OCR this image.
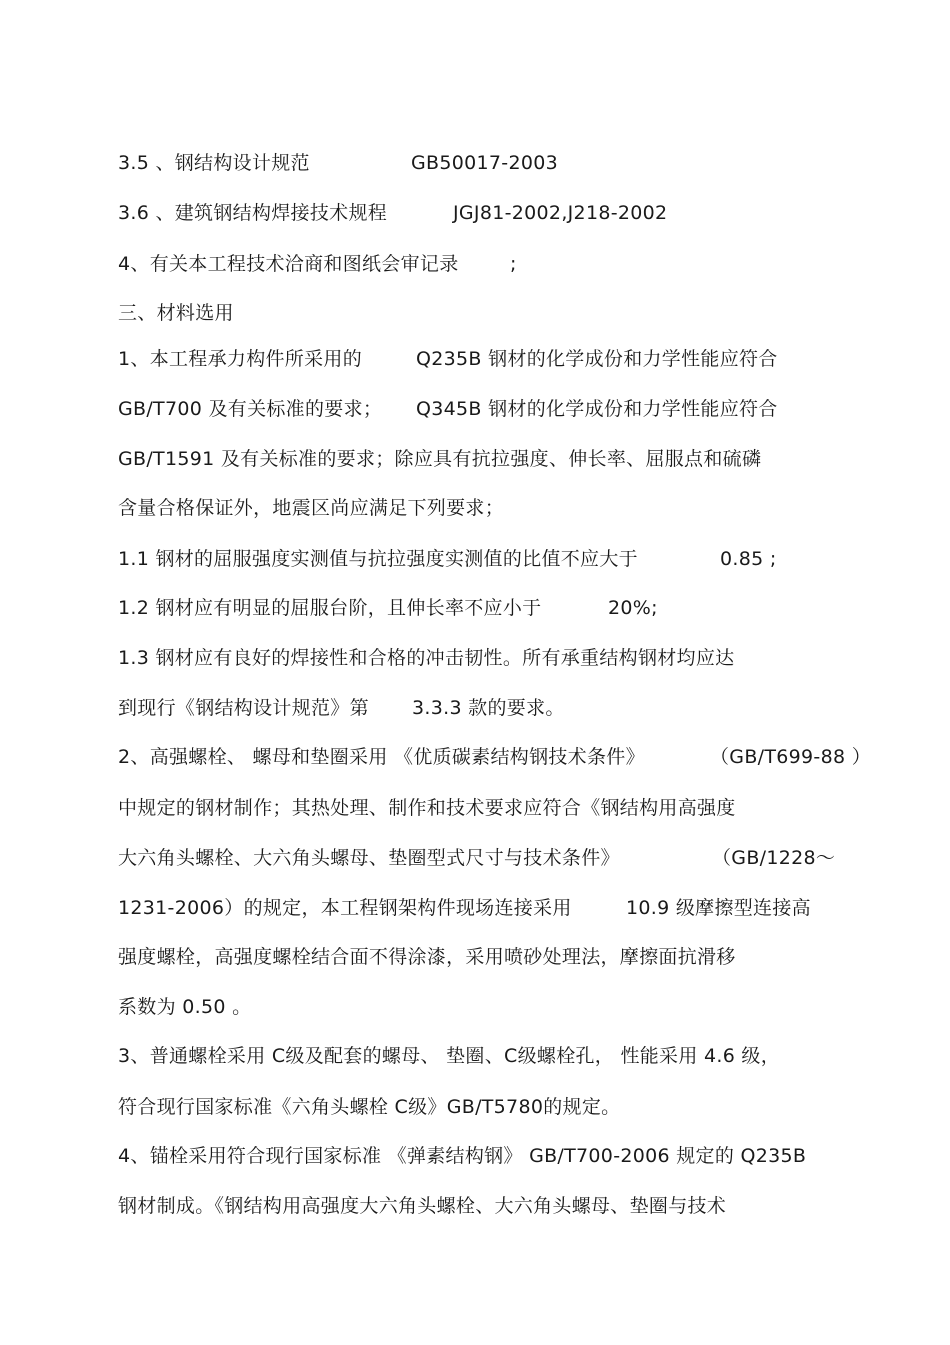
3.5 、钢结构设计规范	GB50017-2003
3.6 、建筑钢结构焊接技术规程	JGJ81-2002,J218-2002
4、有关本工程技术洽商和图纸会审记录	;
三、材料选用
1、本工程承力构件所采用的	Q235B 钢材的化学成份和力学性能应符合
GB/T700 及有关标准的要求； Q345B 钢材的化学成份和力学性能应符合
GB/T1591 及有关标准的要求；除应具有抗拉强度、伸长率、屈服点和硫磷
含量合格保证外，地震区尚应满足下列要求；
1.1 钢材的屈服强度实测值与抗拉强度实测值的比值不应大于	0.85 ;
1.2 钢材应有明显的屈服台阶，且伸长率不应小于	20%;
1.3 钢材应有良好的焊接性和合格的冲击韧性。所有承重结构钢材均应达
到现行《钢结构设计规范》第 3.3.3 款的要求。
2、高强螺栓、 螺母和垫圈采用 《优质碳素结构钢技术条件》	（GB/T699-88 ）
中规定的钢材制作；其热处理、制作和技术要求应符合《钢结构用高强度
大六角头螺栓、大六角头螺母、垫圈型式尺寸与技术条件》	（GB/1228～
1231-2006）的规定，本工程钢架构件现场连接采用	10.9 级摩擦型连接高
强度螺栓，高强度螺栓结合面不得涂漆，采用喷砂处理法，摩擦面抗滑移
系数为 0.50 。
3、普通螺栓采用 C级及配套的螺母、 垫圈、C级螺栓孔， 性能采用 4.6 级，
符合现行国家标准《六角头螺栓 C级》GB/T5780的规定。
4、锚栓采用符合现行国家标准 《弹素结构钢》 GB/T700-2006 规定的 Q235B
钢材制成。《钢结构用高强度大六角头螺栓、大六角头螺母、垫圈与技术
